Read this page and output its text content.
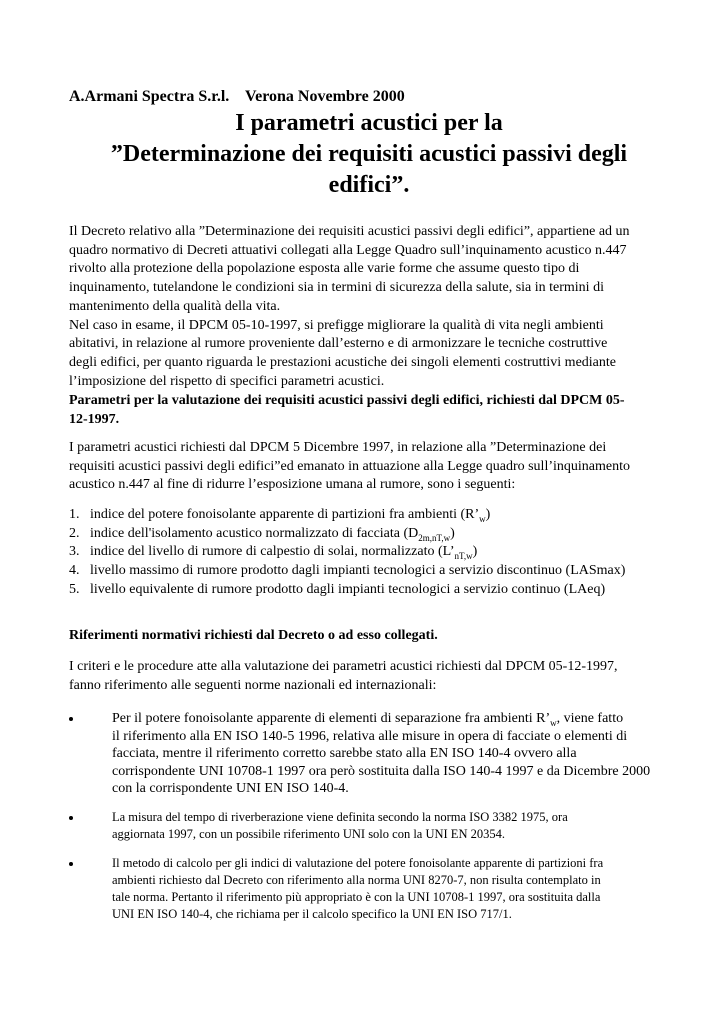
A.Armani Spectra S.r.l. Verona Novembre 2000
I parametri acustici per la
”Determinazione dei requisiti acustici passivi degli
edifici”.
Il Decreto relativo alla ”Determinazione dei requisiti acustici passivi degli edifici”, appartiene ad un
quadro normativo di Decreti attuativi collegati alla Legge Quadro sull’inquinamento acustico n.447
rivolto alla protezione della popolazione esposta alle varie forme che assume questo tipo di
inquinamento, tutelandone le condizioni sia in termini di sicurezza della salute, sia in termini di
mantenimento della qualità della vita.
Nel caso in esame, il DPCM 05-10-1997, si prefigge migliorare la qualità di vita negli ambienti
abitativi, in relazione al rumore proveniente dall’esterno e di armonizzare le tecniche costruttive
degli edifici, per quanto riguarda le prestazioni acustiche dei singoli elementi costruttivi mediante
l’imposizione del rispetto di specifici parametri acustici.
Parametri per la valutazione dei requisiti acustici passivi degli edifici, richiesti dal DPCM 05-
12-1997.
I parametri acustici richiesti dal DPCM 5 Dicembre 1997, in relazione alla ”Determinazione dei
requisiti acustici passivi degli edifici”ed emanato in attuazione alla Legge quadro sull’inquinamento
acustico n.447 al fine di ridurre l’esposizione umana al rumore, sono i seguenti:
1. indice del potere fonoisolante apparente di partizioni fra ambienti $(R’_w)$
2. indice dell'isolamento acustico normalizzato di facciata $(D_{2m,nT,w})$
3. indice del livello di rumore di calpestio di solai, normalizzato $(L’_{nT,w})$
4. livello massimo di rumore prodotto dagli impianti tecnologici a servizio discontinuo (LASmax)
5. livello equivalente di rumore prodotto dagli impianti tecnologici a servizio continuo (LAeq)
Riferimenti normativi richiesti dal Decreto o ad esso collegati.
I criteri e le procedure atte alla valutazione dei parametri acustici richiesti dal DPCM 05-12-1997,
fanno riferimento alle seguenti norme nazionali ed internazionali:
Per il potere fonoisolante apparente di elementi di separazione fra ambienti $R’_w$, viene fatto
il riferimento alla EN ISO 140-5 1996, relativa alle misure in opera di facciate o elementi di
facciata, mentre il riferimento corretto sarebbe stato alla EN ISO 140-4 ovvero alla
corrispondente UNI 10708-1 1997 ora però sostituita dalla ISO 140-4 1997 e da Dicembre 2000
con la corrispondente UNI EN ISO 140-4.
La misura del tempo di riverberazione viene definita secondo la norma ISO 3382 1975, ora
aggiornata 1997, con un possibile riferimento UNI solo con la UNI EN 20354.
Il metodo di calcolo per gli indici di valutazione del potere fonoisolante apparente di partizioni fra
ambienti richiesto dal Decreto con riferimento alla norma UNI 8270-7, non risulta contemplato in
tale norma. Pertanto il riferimento più appropriato è con la UNI 10708-1 1997, ora sostituita dalla
UNI EN ISO 140-4, che richiama per il calcolo specifico la UNI EN ISO 717/1.
